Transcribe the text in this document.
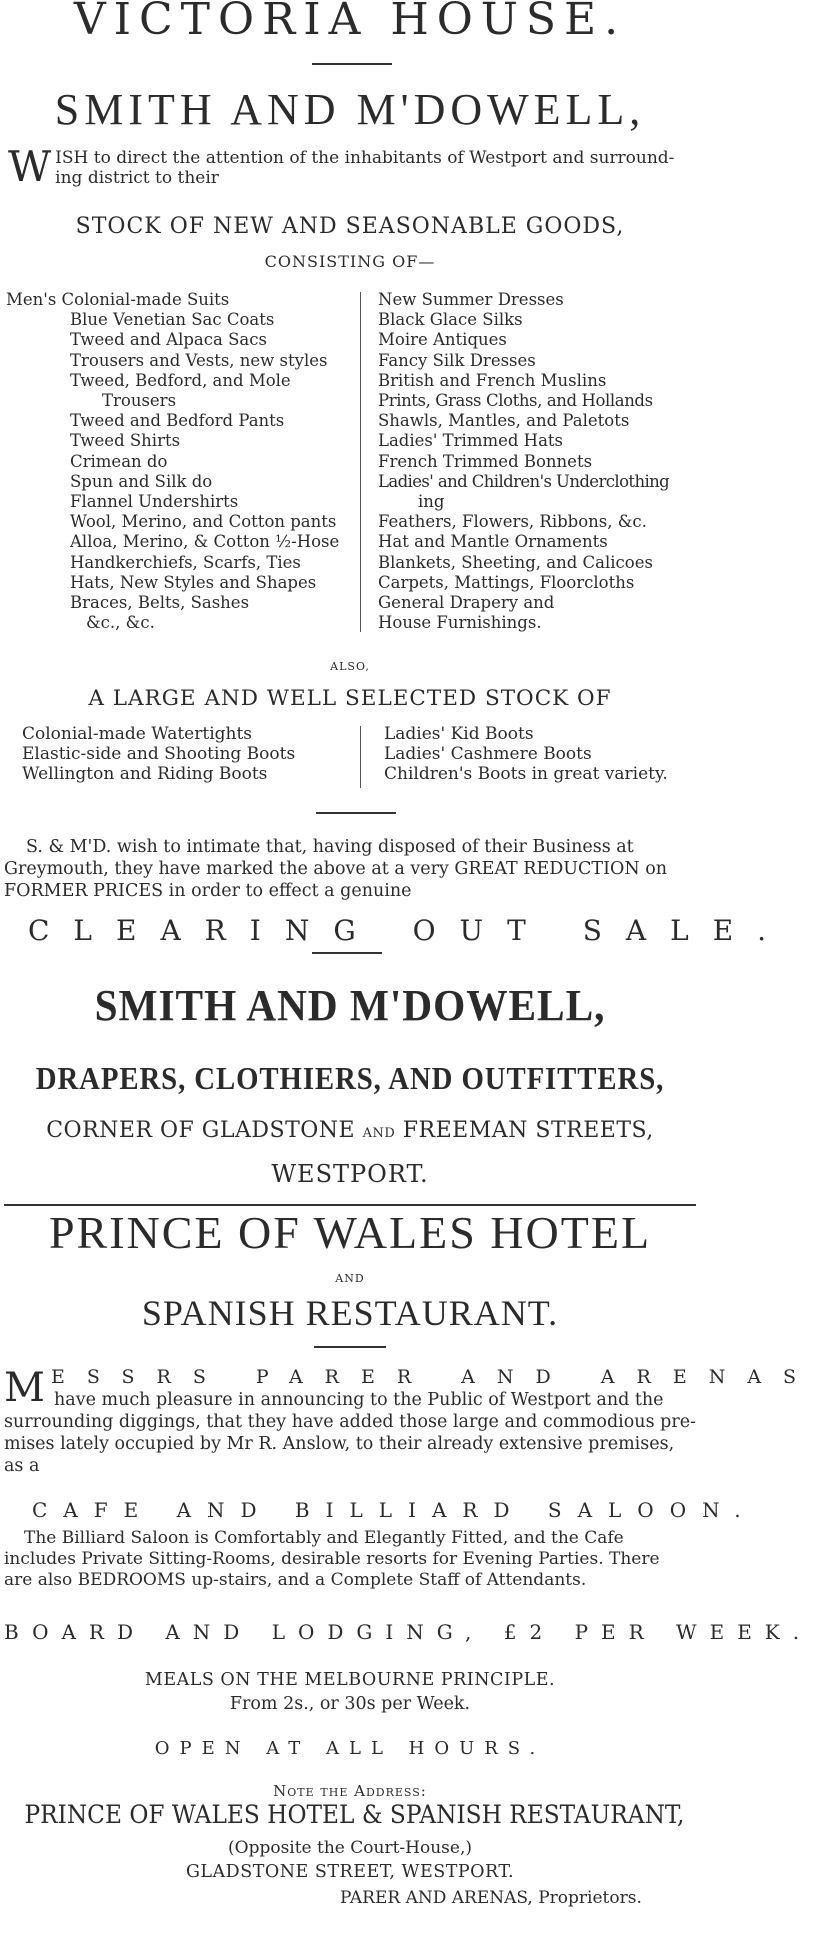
VICTORIA HOUSE.
SMITH AND M'DOWELL,
W ISH to direct the attention of the inhabitants of Westport and surround-
ing district to their
STOCK OF NEW AND SEASONABLE GOODS,
CONSISTING OF—
Men's Colonial-made Suits
Blue Venetian Sac Coats
Tweed and Alpaca Sacs
Trousers and Vests, new styles
Tweed, Bedford, and Mole
Trousers
Tweed and Bedford Pants
Tweed Shirts
Crimean do
Spun and Silk do
Flannel Undershirts
Wool, Merino, and Cotton pants
Alloa, Merino, & Cotton ½-Hose
Handkerchiefs, Scarfs, Ties
Hats, New Styles and Shapes
Braces, Belts, Sashes
&c., &c.
New Summer Dresses
Black Glace Silks
Moire Antiques
Fancy Silk Dresses
British and French Muslins
Prints, Grass Cloths, and Hollands
Shawls, Mantles, and Paletots
Ladies' Trimmed Hats
French Trimmed Bonnets
Ladies' and Children's Underclothing
ing
Feathers, Flowers, Ribbons, &c.
Hat and Mantle Ornaments
Blankets, Sheeting, and Calicoes
Carpets, Mattings, Floorcloths
General Drapery and
House Furnishings.
ALSO,
A LARGE AND WELL SELECTED STOCK OF
Colonial-made Watertights
Elastic-side and Shooting Boots
Wellington and Riding Boots
Ladies' Kid Boots
Ladies' Cashmere Boots
Children's Boots in great variety.
S. & M'D. wish to intimate that, having disposed of their Business at
Greymouth, they have marked the above at a very GREAT REDUCTION on
FORMER PRICES in order to effect a genuine
CLEARING OUT SALE.
SMITH AND M'DOWELL,
DRAPERS, CLOTHIERS, AND OUTFITTERS,
CORNER OF GLADSTONE AND FREEMAN STREETS,
WESTPORT.
PRINCE OF WALES HOTEL
AND
SPANISH RESTAURANT.
M ESSRS PARER AND ARENAS
have much pleasure in announcing to the Public of Westport and the
surrounding diggings, that they have added those large and commodious pre-
mises lately occupied by Mr R. Anslow, to their already extensive premises,
as a
CAFE AND BILLIARD SALOON.
The Billiard Saloon is Comfortably and Elegantly Fitted, and the Cafe
includes Private Sitting-Rooms, desirable resorts for Evening Parties. There
are also BEDROOMS up-stairs, and a Complete Staff of Attendants.
BOARD AND LODGING, £2 PER WEEK.
MEALS ON THE MELBOURNE PRINCIPLE.
From 2s., or 30s per Week.
OPEN AT ALL HOURS.
Note the Address:
PRINCE OF WALES HOTEL & SPANISH RESTAURANT,
(Opposite the Court-House,)
GLADSTONE STREET, WESTPORT.
PARER AND ARENAS, Proprietors.
